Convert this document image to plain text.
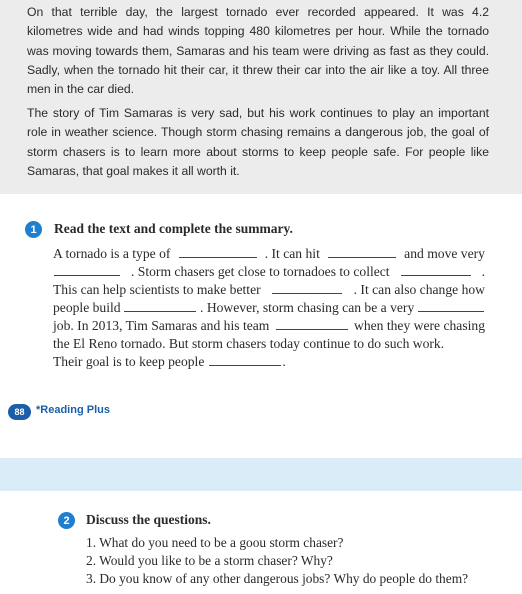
On that terrible day, the largest tornado ever recorded appeared. It was 4.2 kilometres wide and had winds topping 480 kilometres per hour. While the tornado was moving towards them, Samaras and his team were driving as fast as they could. Sadly, when the tornado hit their car, it threw their car into the air like a toy. All three men in the car died.

The story of Tim Samaras is very sad, but his work continues to play an important role in weather science. Though storm chasing remains a dangerous job, the goal of storm chasers is to learn more about storms to keep people safe. For people like Samaras, that goal makes it all worth it.

1	Read the text and complete the summary.
A tornado is a type of	. It can hit	and move very
. Storm chasers get close to tornadoes to collect	.
This can help scientists to make better	. It can also change how
people build	. However, storm chasing can be a very
job. In 2013, Tim Samaras and his team	when they were chasing
the El Reno tornado. But storm chasers today continue to do such work.
Their goal is to keep people	.
88	*Reading Plus
2	Discuss the questions.
1. What do you need to be a goou storm chaser?
2. Would you like to be a storm chaser? Why?
3. Do you know of any other dangerous jobs? Why do people do them?
